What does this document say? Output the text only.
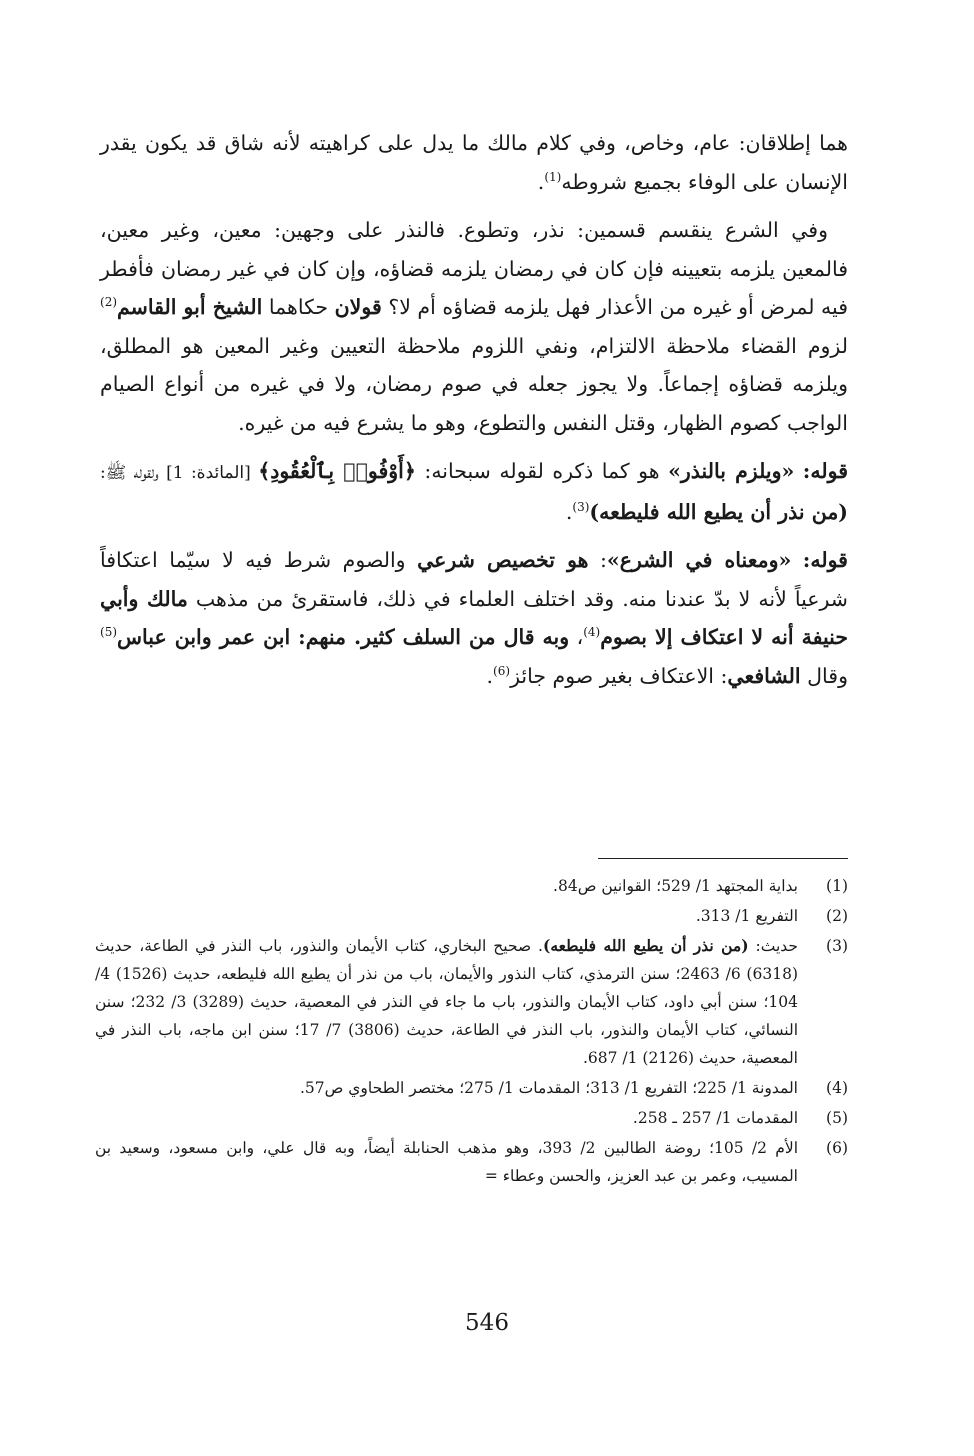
هما إطلاقان: عام، وخاص، وفي كلام مالك ما يدل على كراهيته لأنه شاق قد يكون يقدر الإنسان على الوفاء بجميع شروطه$^{(1)}$.

وفي الشرع ينقسم قسمين: نذر، وتطوع. فالنذر على وجهين: معين، وغير معين، فالمعين يلزمه بتعيينه فإن كان في رمضان يلزمه قضاؤه، وإن كان في غير رمضان فأفطر فيه لمرض أو غيره من الأعذار فهل يلزمه قضاؤه أم لا؟ قولان حكاهما الشيخ أبو القاسم$^{(2)}$ لزوم القضاء ملاحظة الالتزام، ونفي اللزوم ملاحظة التعيين وغير المعين هو المطلق، ويلزمه قضاؤه إجماعاً. ولا يجوز جعله في صوم رمضان، ولا في غيره من أنواع الصيام الواجب كصوم الظهار، وقتل النفس والتطوع، وهو ما يشرع فيه من غيره.

قوله: «ويلزم بالنذر» هو كما ذكره لقوله سبحانه: ﴿أَوْفُوا۟ بِٱلْعُقُودِ﴾ [المائدة: 1] ولقوله ﷺ: (من نذر أن يطيع الله فليطعه)$^{(3)}$.

قوله: «ومعناه في الشرع»: هو تخصيص شرعي والصوم شرط فيه لا سيّما اعتكافاً شرعياً لأنه لا بدّ عندنا منه. وقد اختلف العلماء في ذلك، فاستقرئ من مذهب مالك وأبي حنيفة أنه لا اعتكاف إلا بصوم$^{(4)}$، وبه قال من السلف كثير. منهم: ابن عمر وابن عباس$^{(5)}$ وقال الشافعي: الاعتكاف بغير صوم جائز$^{(6)}$.

(1)
بداية المجتهد 1/ 529؛ القوانين ص84.
(2)
التفريع 1/ 313.
(3)
حديث: (من نذر أن يطيع الله فليطعه). صحيح البخاري، كتاب الأيمان والنذور، باب النذر في الطاعة، حديث (6318) 6/ 2463؛ سنن الترمذي، كتاب النذور والأيمان، باب من نذر أن يطيع الله فليطعه، حديث (1526) 4/ 104؛ سنن أبي داود، كتاب الأيمان والنذور، باب ما جاء في النذر في المعصية، حديث (3289) 3/ 232؛ سنن النسائي، كتاب الأيمان والنذور، باب النذر في الطاعة، حديث (3806) 7/ 17؛ سنن ابن ماجه، باب النذر في المعصية، حديث (2126) 1/ 687.
(4)
المدونة 1/ 225؛ التفريع 1/ 313؛ المقدمات 1/ 275؛ مختصر الطحاوي ص57.
(5)
المقدمات 1/ 257 ـ 258.
(6)
الأم 2/ 105؛ روضة الطالبين 2/ 393، وهو مذهب الحنابلة أيضاً، وبه قال علي، وابن مسعود، وسعيد بن المسيب، وعمر بن عبد العزيز، والحسن وعطاء =
546
